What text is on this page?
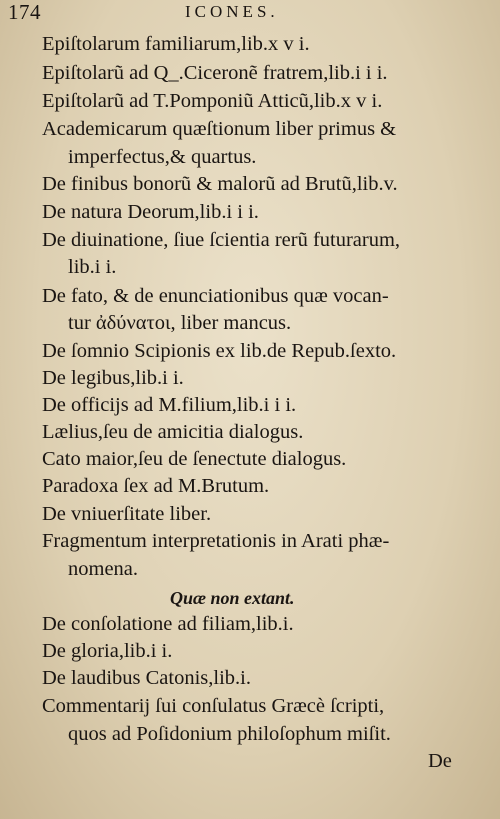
174	ICONES.
Epiſtolarum familiarum,lib.x v i.
Epiſtolarũ ad Q_.Ciceronẽ fratrem,lib.i i i.
Epiſtolarũ ad T.Pomponiũ Atticũ,lib.x v i.
Academicarum quæſtionum liber primus &
imperfectus,& quartus.
De finibus bonorũ & malorũ ad Brutũ,lib.v.
De natura Deorum,lib.i i i.
De diuinatione, ſiue ſcientia rerũ futurarum,
lib.i i.
De fato, & de enunciationibus quæ vocan-
tur ἀδύνατοι, liber mancus.
De ſomnio Scipionis ex lib.de Repub.ſexto.
De legibus,lib.i i.
De officijs ad M.filium,lib.i i i.
Lælius,ſeu de amicitia dialogus.
Cato maior,ſeu de ſenectute dialogus.
Paradoxa ſex ad M.Brutum.
De vniuerſitate liber.
Fragmentum interpretationis in Arati phæ-
nomena.
Quæ non extant.
De conſolatione ad filiam,lib.i.
De gloria,lib.i i.
De laudibus Catonis,lib.i.
Commentarij ſui conſulatus Græcè ſcripti,
quos ad Poſidonium philoſophum miſit.
De
